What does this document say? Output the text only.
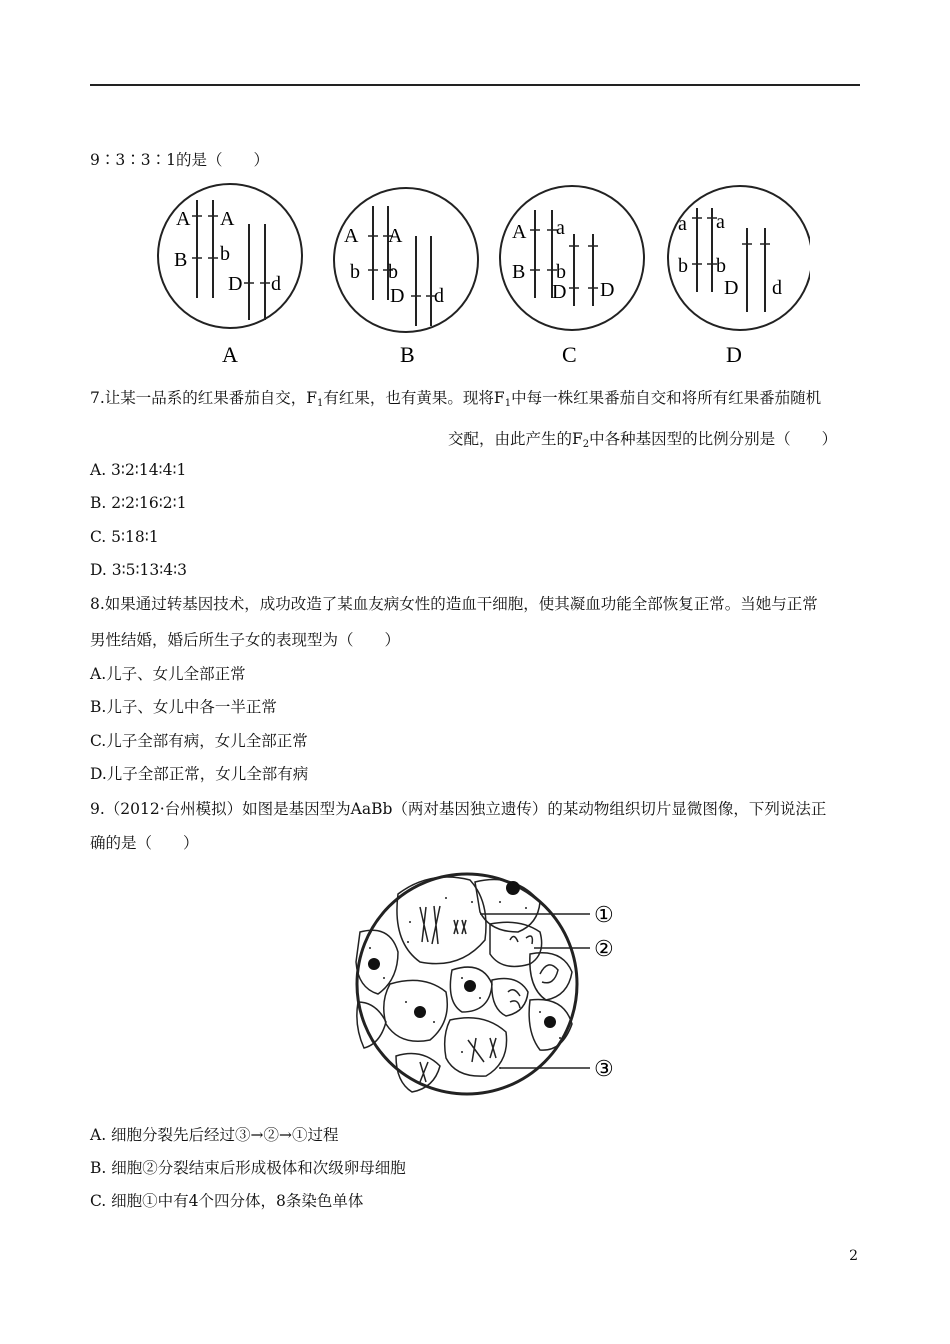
9∶3∶3∶1的是（　　）
A A
B b
D d
A
A A
b b
D d
B
A a
B b
D D
C
a a
b b
D d
D
7.让某一品系的红果番茄自交，$F_1$有红果，也有黄果。现将$F_1$中每一株红果番茄自交和将所有红果番茄随机
交配，由此产生的$F_2$中各种基因型的比例分别是（　　）
A. 3∶2∶14∶4∶1
B. 2∶2∶16∶2∶1
C. 5∶18∶1
D. 3∶5∶13∶4∶3
8.如果通过转基因技术，成功改造了某血友病女性的造血干细胞，使其凝血功能全部恢复正常。当她与正常
男性结婚，婚后所生子女的表现型为（　　）
A.儿子、女儿全部正常
B.儿子、女儿中各一半正常
C.儿子全部有病，女儿全部正常
D.儿子全部正常，女儿全部有病
9.（2012·台州模拟）如图是基因型为AaBb（两对基因独立遗传）的某动物组织切片显微图像，下列说法正
确的是（　　）
①
②
③
A. 细胞分裂先后经过③→②→①过程
B. 细胞②分裂结束后形成极体和次级卵母细胞
C. 细胞①中有4个四分体，8条染色单体
2
